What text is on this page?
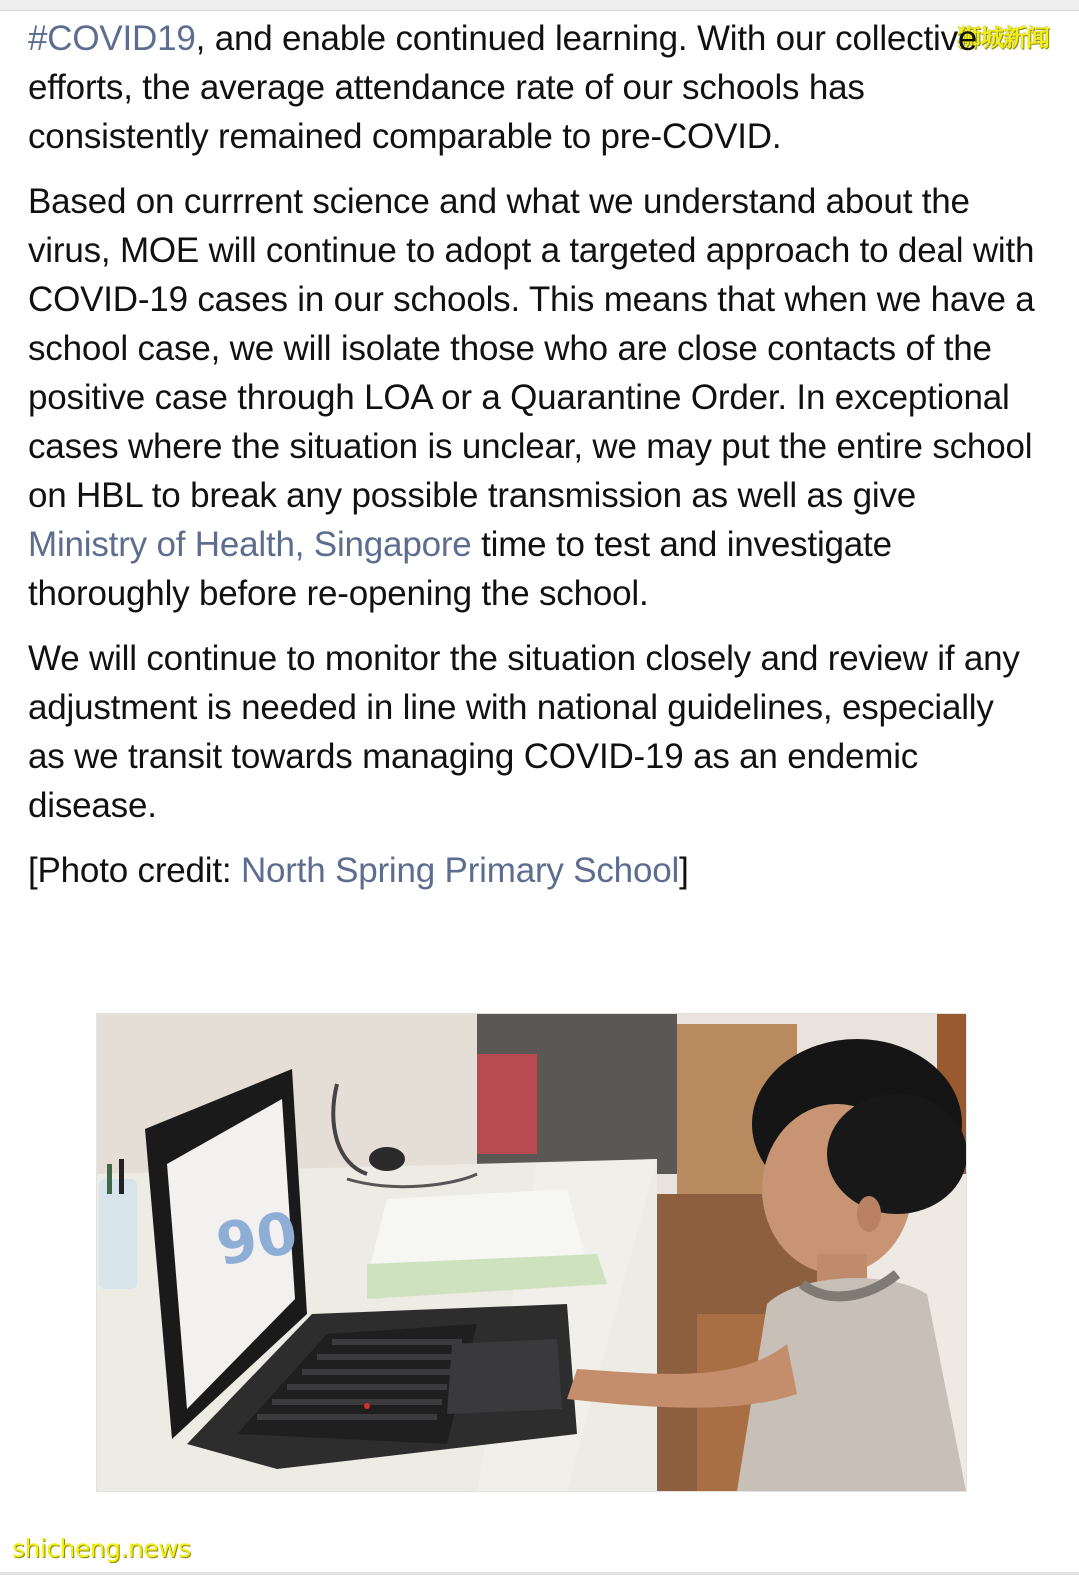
狮城新闻

#COVID19, and enable continued learning. With our collective efforts, the average attendance rate of our schools has consistently remained comparable to pre-COVID.

Based on currrent science and what we understand about the virus, MOE will continue to adopt a targeted approach to deal with COVID-19 cases in our schools. This means that when we have a school case, we will isolate those who are close contacts of the positive case through LOA or a Quarantine Order. In exceptional cases where the situation is unclear, we may put the entire school on HBL to break any possible transmission as well as give Ministry of Health, Singapore time to test and investigate thoroughly before re-opening the school.

We will continue to monitor the situation closely and review if any adjustment is needed in line with national guidelines, especially as we transit towards managing COVID-19 as an endemic disease.

[Photo credit: North Spring Primary School]

90
shicheng.news
